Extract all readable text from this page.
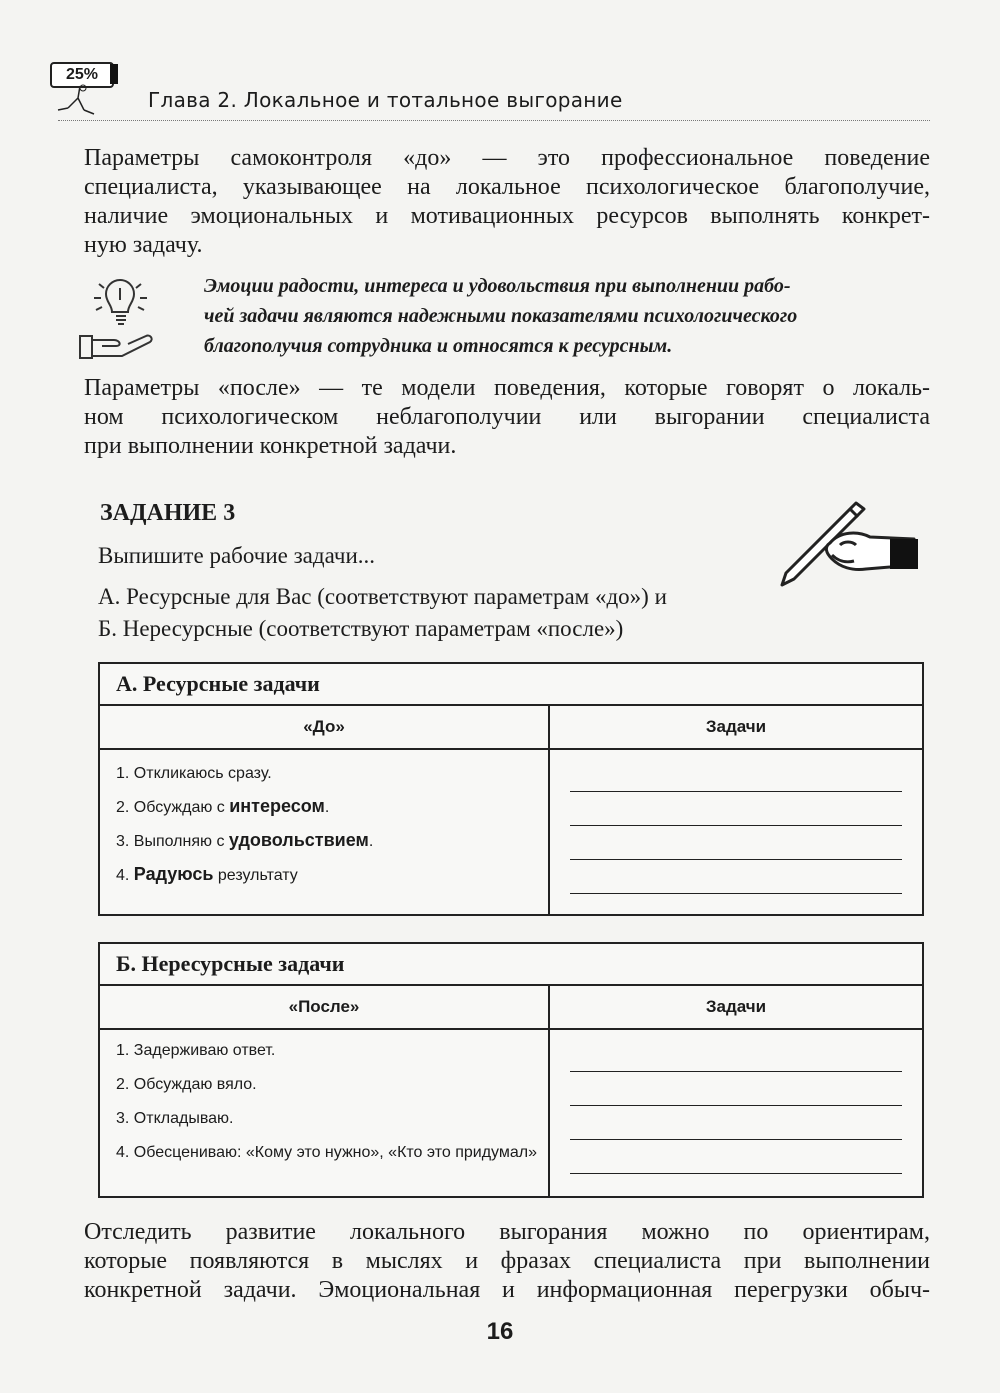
25%
Глава 2. Локальное и тотальное выгорание
Параметры самоконтроля «до» — это профессиональное поведение
специалиста, указывающее на локальное психологическое благополучие,
наличие эмоциональных и мотивационных ресурсов выполнять конкрет-
ную задачу.
Эмоции радости, интереса и удовольствия при выполнении рабо-
чей задачи являются надежными показателями психологического
благополучия сотрудника и относятся к ресурсным.
Параметры «после» — те модели поведения, которые говорят о локаль-
ном психологическом неблагополучии или выгорании специалиста
при выполнении конкретной задачи.
ЗАДАНИЕ 3
Выпишите рабочие задачи...
А. Ресурсные для Вас (соответствуют параметрам «до») и
Б. Нересурсные (соответствуют параметрам «после»)
А. Ресурсные задачи
«До»	Задачи
1. Откликаюсь сразу.
2. Обсуждаю с интересом.
3. Выполняю с удовольствием.
4. Радуюсь результату
Б. Нересурсные задачи
«После»	Задачи
1. Задерживаю ответ.
2. Обсуждаю вяло.
3. Откладываю.
4. Обесцениваю: «Кому это нужно», «Кто это придумал»
Отследить развитие локального выгорания можно по ориентирам,
которые появляются в мыслях и фразах специалиста при выполнении
конкретной задачи. Эмоциональная и информационная перегрузки обыч-
16
